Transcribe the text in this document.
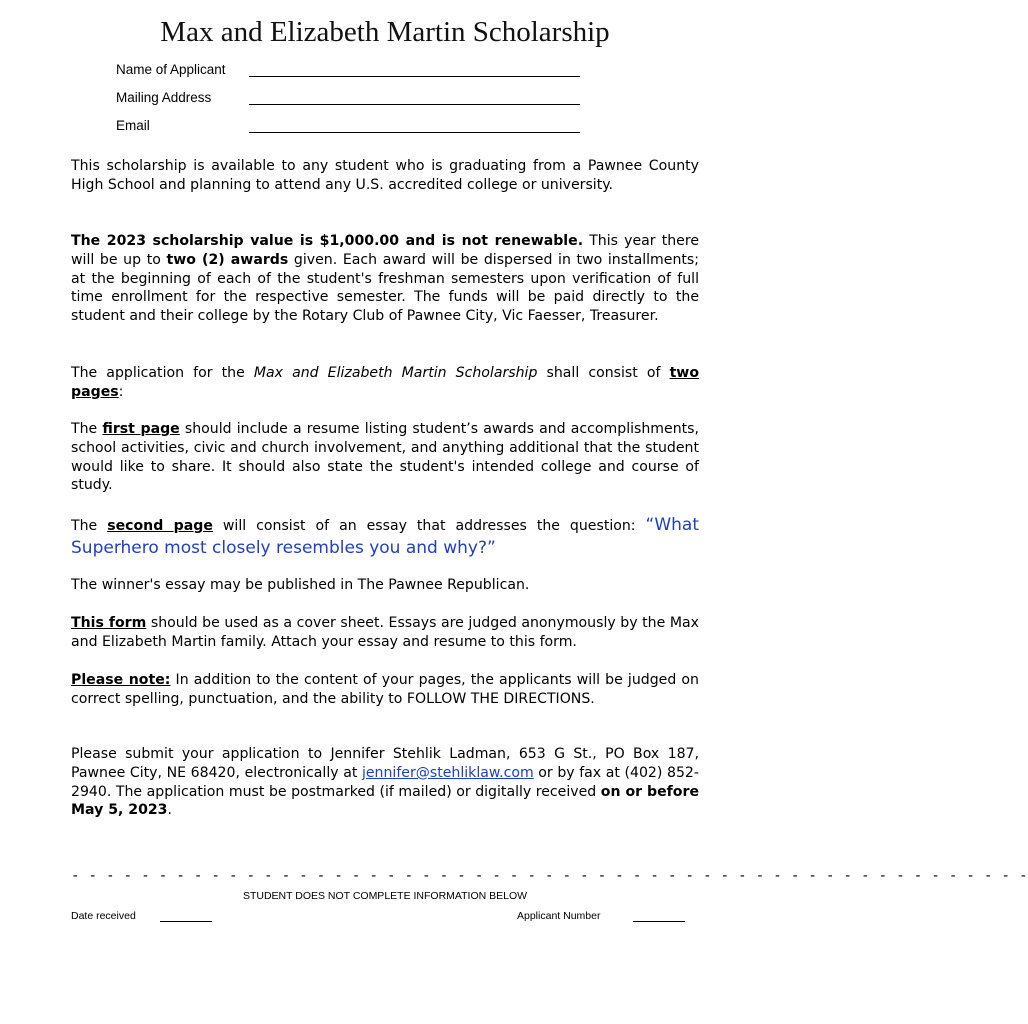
Max and Elizabeth Martin Scholarship
Name of Applicant
Mailing Address
Email
This scholarship is available to any student who is graduating from a Pawnee County High School and planning to attend any U.S. accredited college or university.
The 2023 scholarship value is $1,000.00 and is not renewable. This year there will be up to two (2) awards given. Each award will be dispersed in two installments; at the beginning of each of the student's freshman semesters upon verification of full time enrollment for the respective semester. The funds will be paid directly to the student and their college by the Rotary Club of Pawnee City, Vic Faesser, Treasurer.
The application for the Max and Elizabeth Martin Scholarship shall consist of two pages:
The first page should include a resume listing student’s awards and accomplishments, school activities, civic and church involvement, and anything additional that the student would like to share. It should also state the student's intended college and course of study.
The second page will consist of an essay that addresses the question: “What Superhero most closely resembles you and why?”
The winner's essay may be published in The Pawnee Republican.
This form should be used as a cover sheet. Essays are judged anonymously by the Max and Elizabeth Martin family. Attach your essay and resume to this form.
Please note: In addition to the content of your pages, the applicants will be judged on correct spelling, punctuation, and the ability to FOLLOW THE DIRECTIONS.
Please submit your application to Jennifer Stehlik Ladman, 653 G St., PO Box 187, Pawnee City, NE 68420, electronically at jennifer@stehliklaw.com or by fax at (402) 852-2940. The application must be postmarked (if mailed) or digitally received on or before May 5, 2023.
- - - - - - - - - - - - - - - - - - - - - - - - - - - - - - - - - - - - - - - - - - - - - - - - - - - - - - -
STUDENT DOES NOT COMPLETE INFORMATION BELOW
Date received	Applicant Number
